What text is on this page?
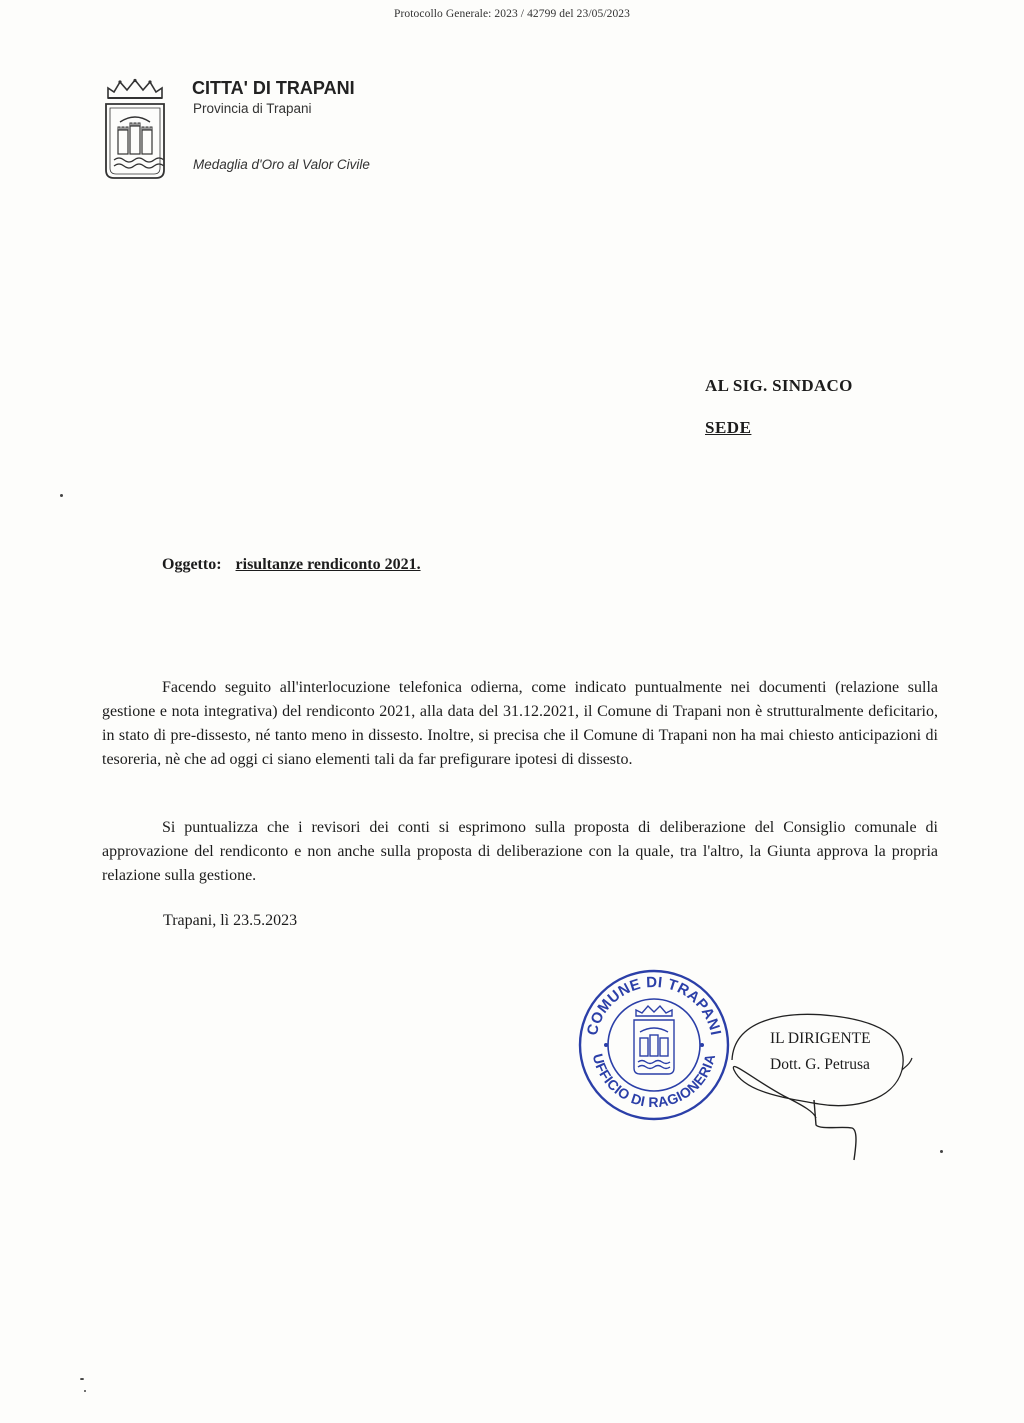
Protocollo Generale: 2023 / 42799 del 23/05/2023
CITTA' DI TRAPANI
Provincia di Trapani
Medaglia d'Oro al Valor Civile
AL SIG. SINDACO
SEDE
Oggetto: risultanze rendiconto 2021.
Facendo seguito all'interlocuzione telefonica odierna, come indicato puntualmente nei documenti (relazione sulla gestione e nota integrativa) del rendiconto 2021, alla data del 31.12.2021, il Comune di Trapani non è strutturalmente deficitario, in stato di pre-dissesto, né tanto meno in dissesto. Inoltre, si precisa che il Comune di Trapani non ha mai chiesto anticipazioni di tesoreria, nè che ad oggi ci siano elementi tali da far prefigurare ipotesi di dissesto.
Si puntualizza che i revisori dei conti si esprimono sulla proposta di deliberazione del Consiglio comunale di approvazione del rendiconto e non anche sulla proposta di deliberazione con la quale, tra l'altro, la Giunta approva la propria relazione sulla gestione.
Trapani, lì 23.5.2023
COMUNE DI TRAPANI
UFFICIO DI RAGIONERIA
IL DIRIGENTE
Dott. G. Petrusa
